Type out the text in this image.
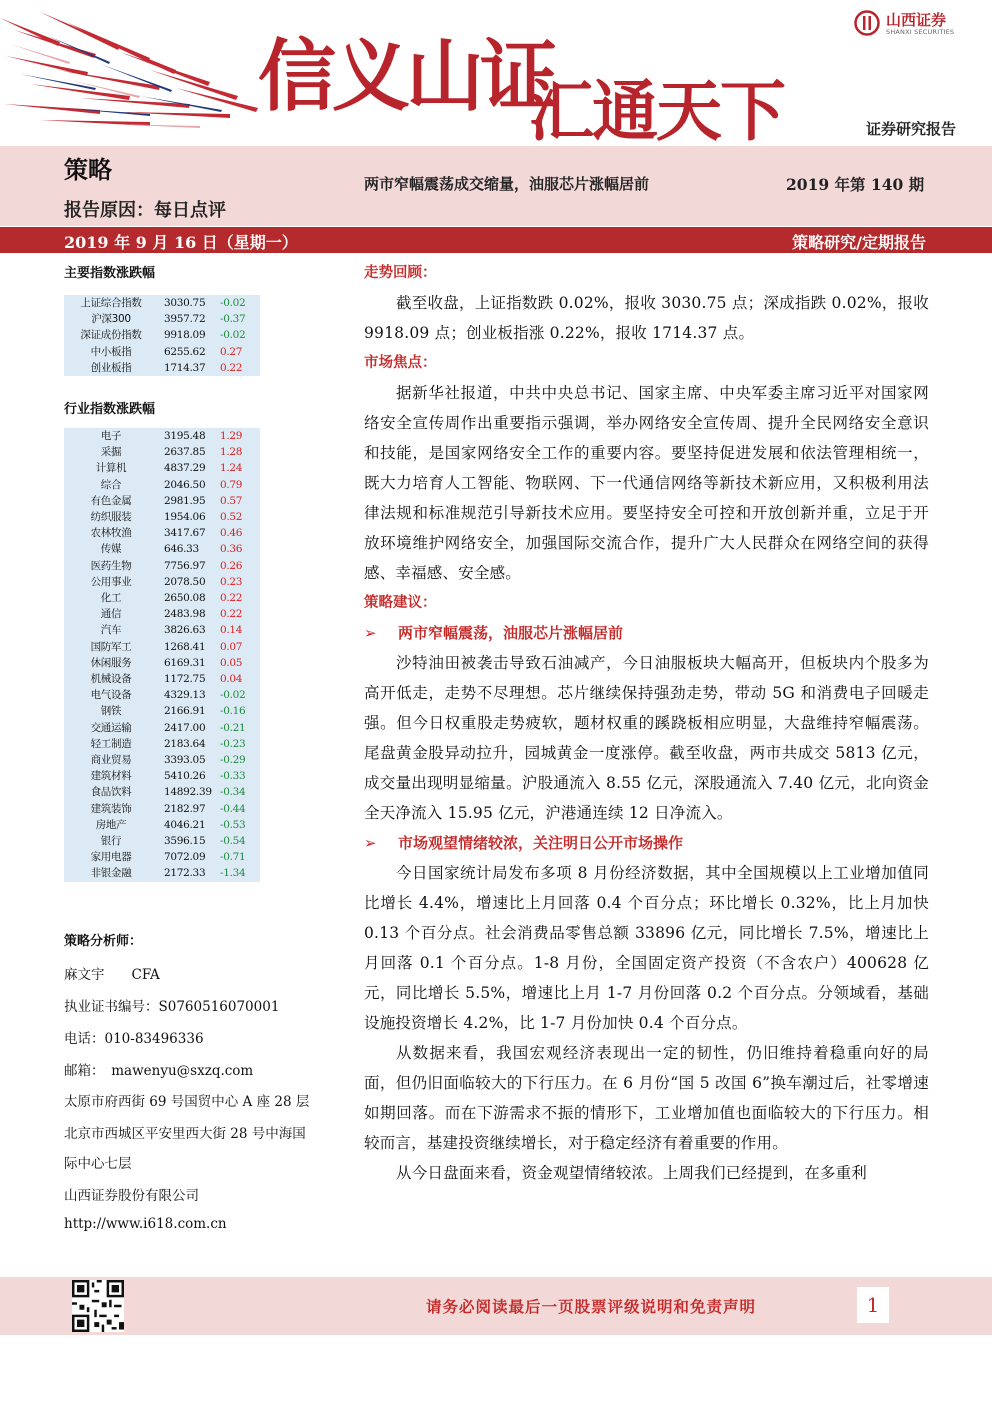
信义山证
汇通天下
山西证券
SHANXI SECURITIES
证券研究报告
策略
报告原因：每日点评
两市窄幅震荡成交缩量，油服芯片涨幅居前	2019 年第 140 期
2019 年 9 月 16 日（星期一）	策略研究/定期报告
主要指数涨跌幅
上证综合指数	3030.75	-0.02
沪深300	3957.72	-0.37
深证成份指数	9918.09	-0.02
中小板指	6255.62	0.27
创业板指	1714.37	0.22
行业指数涨跌幅
电子	3195.48	1.29
采掘	2637.85	1.28
计算机	4837.29	1.24
综合	2046.50	0.79
有色金属	2981.95	0.57
纺织服装	1954.06	0.52
农林牧渔	3417.67	0.46
传媒	646.33	0.36
医药生物	7756.97	0.26
公用事业	2078.50	0.23
化工	2650.08	0.22
通信	2483.98	0.22
汽车	3826.63	0.14
国防军工	1268.41	0.07
休闲服务	6169.31	0.05
机械设备	1172.75	0.04
电气设备	4329.13	-0.02
钢铁	2166.91	-0.16
交通运输	2417.00	-0.21
轻工制造	2183.64	-0.23
商业贸易	3393.05	-0.29
建筑材料	5410.26	-0.33
食品饮料	14892.39	-0.34
建筑装饰	2182.97	-0.44
房地产	4046.21	-0.53
银行	3596.15	-0.54
家用电器	7072.09	-0.71
非银金融	2172.33	-1.34
策略分析师：
麻文宇　　CFA
执业证书编号：S0760516070001
电话：010-83496336
邮箱：　mawenyu@sxzq.com
太原市府西街 69 号国贸中心 A 座 28 层
北京市西城区平安里西大街 28 号中海国
际中心七层
山西证券股份有限公司
http://www.i618.com.cn
走势回顾：

截至收盘，上证指数跌 0.02%，报收 3030.75 点；深成指跌 0.02%，报收 9918.09 点；创业板指涨 0.22%，报收 1714.37 点。

市场焦点：

据新华社报道，中共中央总书记、国家主席、中央军委主席习近平对国家网络安全宣传周作出重要指示强调，举办网络安全宣传周、提升全民网络安全意识和技能，是国家网络安全工作的重要内容。要坚持促进发展和依法管理相统一，既大力培育人工智能、物联网、下一代通信网络等新技术新应用，又积极利用法律法规和标准规范引导新技术应用。要坚持安全可控和开放创新并重，立足于开放环境维护网络安全，加强国际交流合作，提升广大人民群众在网络空间的获得感、幸福感、安全感。

策略建议：
➢ 两市窄幅震荡，油服芯片涨幅居前

沙特油田被袭击导致石油减产，今日油服板块大幅高开，但板块内个股多为高开低走，走势不尽理想。芯片继续保持强劲走势，带动 5G 和消费电子回暖走强。但今日权重股走势疲软，题材权重的蹊跷板相应明显，大盘维持窄幅震荡。尾盘黄金股异动拉升，园城黄金一度涨停。截至收盘，两市共成交 5813 亿元，成交量出现明显缩量。沪股通流入 8.55 亿元，深股通流入 7.40 亿元，北向资金全天净流入 15.95 亿元，沪港通连续 12 日净流入。

➢ 市场观望情绪较浓，关注明日公开市场操作

今日国家统计局发布多项 8 月份经济数据，其中全国规模以上工业增加值同比增长 4.4%，增速比上月回落 0.4 个百分点；环比增长 0.32%，比上月加快 0.13 个百分点。社会消费品零售总额 33896 亿元，同比增长 7.5%，增速比上月回落 0.1 个百分点。1-8 月份，全国固定资产投资（不含农户）400628 亿元，同比增长 5.5%，增速比上月 1-7 月份回落 0.2 个百分点。分领域看，基础设施投资增长 4.2%，比 1-7 月份加快 0.4 个百分点。

从数据来看，我国宏观经济表现出一定的韧性，仍旧维持着稳重向好的局面，但仍旧面临较大的下行压力。在 6 月份“国 5 改国 6”换车潮过后，社零增速如期回落。而在下游需求不振的情形下，工业增加值也面临较大的下行压力。相较而言，基建投资继续增长，对于稳定经济有着重要的作用。

从今日盘面来看，资金观望情绪较浓。上周我们已经提到，在多重利

请务必阅读最后一页股票评级说明和免责声明	1
